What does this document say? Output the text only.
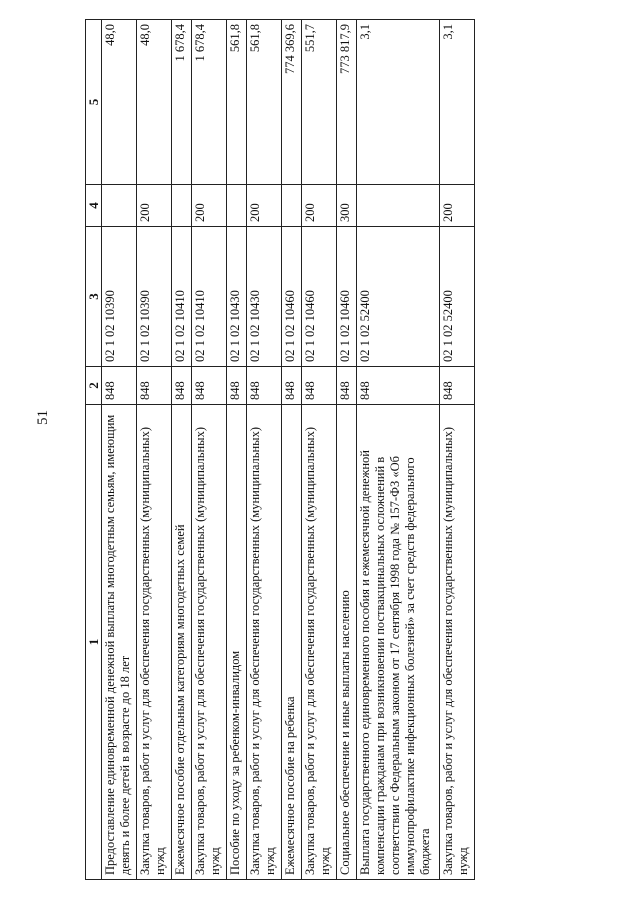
51
1	2	3	4	5
Предоставление единовременной денежной выплаты многодетным семьям, имеющим девять и более детей в возрасте до 18 лет	848	02 1 02 10390		48,0
Закупка товаров, работ и услуг для обеспечения государственных (муниципальных) нужд	848	02 1 02 10390	200	48,0
Ежемесячное пособие отдельным категориям многодетных семей	848	02 1 02 10410		1 678,4
Закупка товаров, работ и услуг для обеспечения государственных (муниципальных) нужд	848	02 1 02 10410	200	1 678,4
Пособие по уходу за ребенком-инвалидом	848	02 1 02 10430		561,8
Закупка товаров, работ и услуг для обеспечения государственных (муниципальных) нужд	848	02 1 02 10430	200	561,8
Ежемесячное пособие на ребенка	848	02 1 02 10460		774 369,6
Закупка товаров, работ и услуг для обеспечения государственных (муниципальных) нужд	848	02 1 02 10460	200	551,7
Социальное обеспечение и иные выплаты населению	848	02 1 02 10460	300	773 817,9
Выплата государственного единовременного пособия и ежемесячной денежной компенсации гражданам при возникновении поствакцинальных осложнений в соответствии с Федеральным законом от 17 сентября 1998 года № 157-ФЗ «Об иммунопрофилактике инфекционных болезней» за счет средств федерального бюджета	848	02 1 02 52400		3,1
Закупка товаров, работ и услуг для обеспечения государственных (муниципальных) нужд	848	02 1 02 52400	200	3,1
